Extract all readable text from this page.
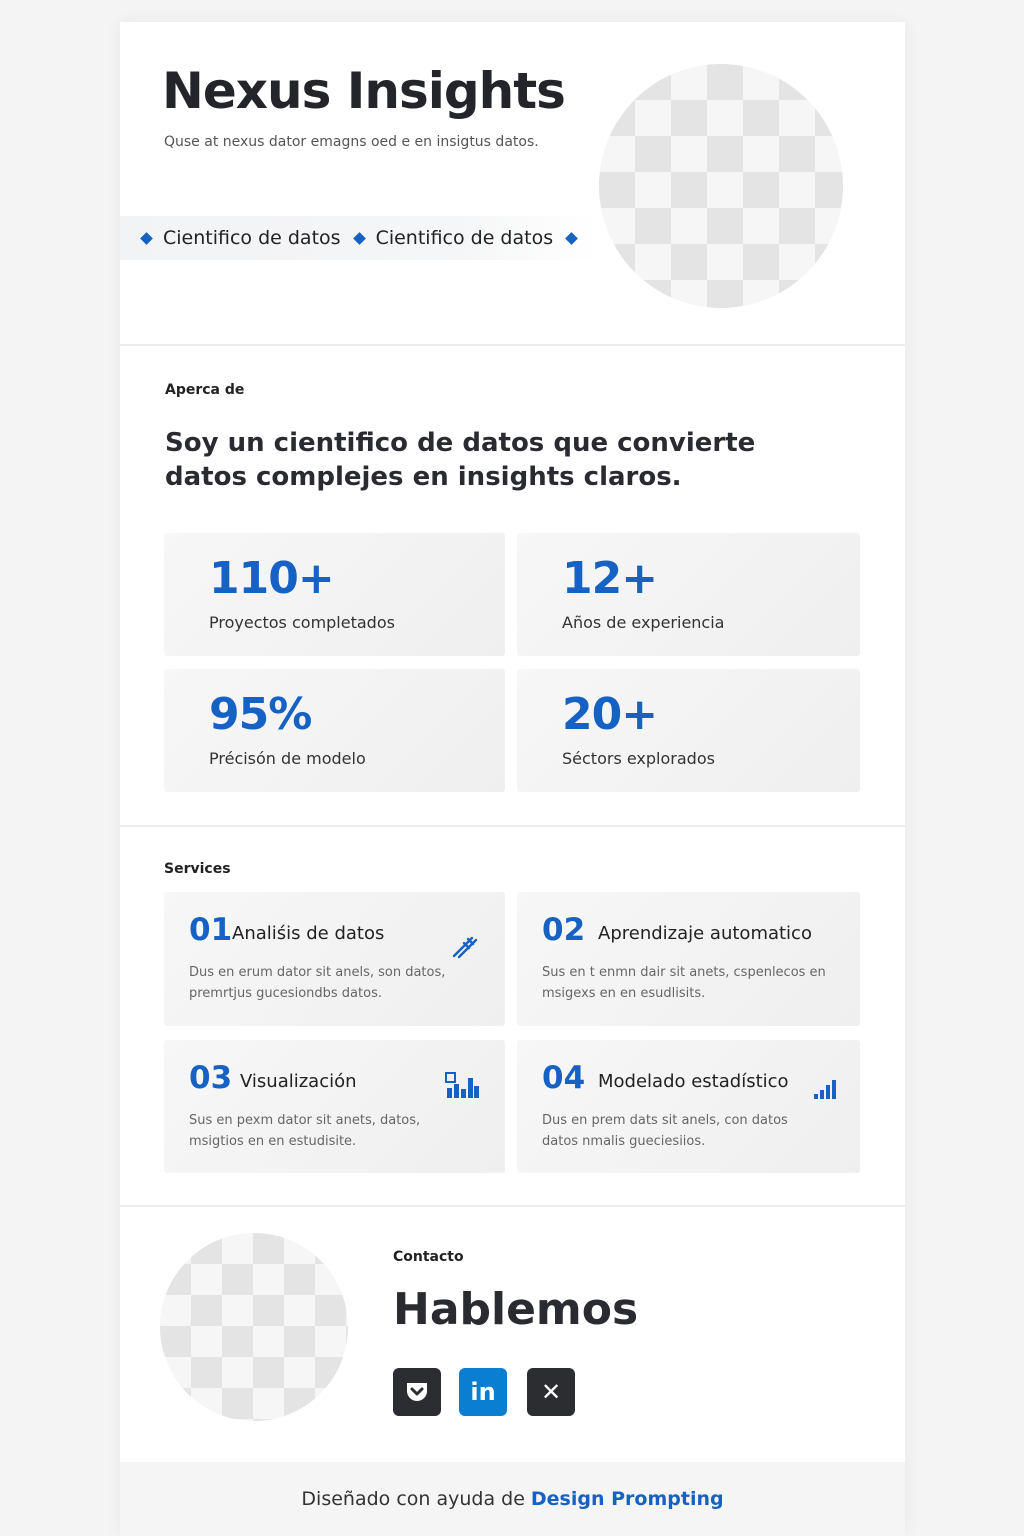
Nexus Insights
Quse at nexus dator emagns oed e en insigtus datos.
Cientifico de datos Cientifico de datos
Aperca de
Soy un cientifico de datos que convierte datos complejes en insights claros.
110+
Proyectos completados
12+
Años de experiencia
95%
Précisón de modelo
20+
Séctors explorados
Services
01 Analiśis de datos
Dus en erum dator sit anels, son datos, premrtjus gucesiondbs datos.
02 Aprendizaje automatico
Sus en t enmn dair sit anets, cspenlecos en msigexs en en esudlisits.
03 Visualización
Sus en pexm dator sit anets, datos, msigtios en en estudisite.
04 Modelado estadístico
Dus en prem dats sit anels, con datos datos nmalis gueciesiios.
Contacto
Hablemos
in ✕
Diseñado con ayuda de Design Prompting
